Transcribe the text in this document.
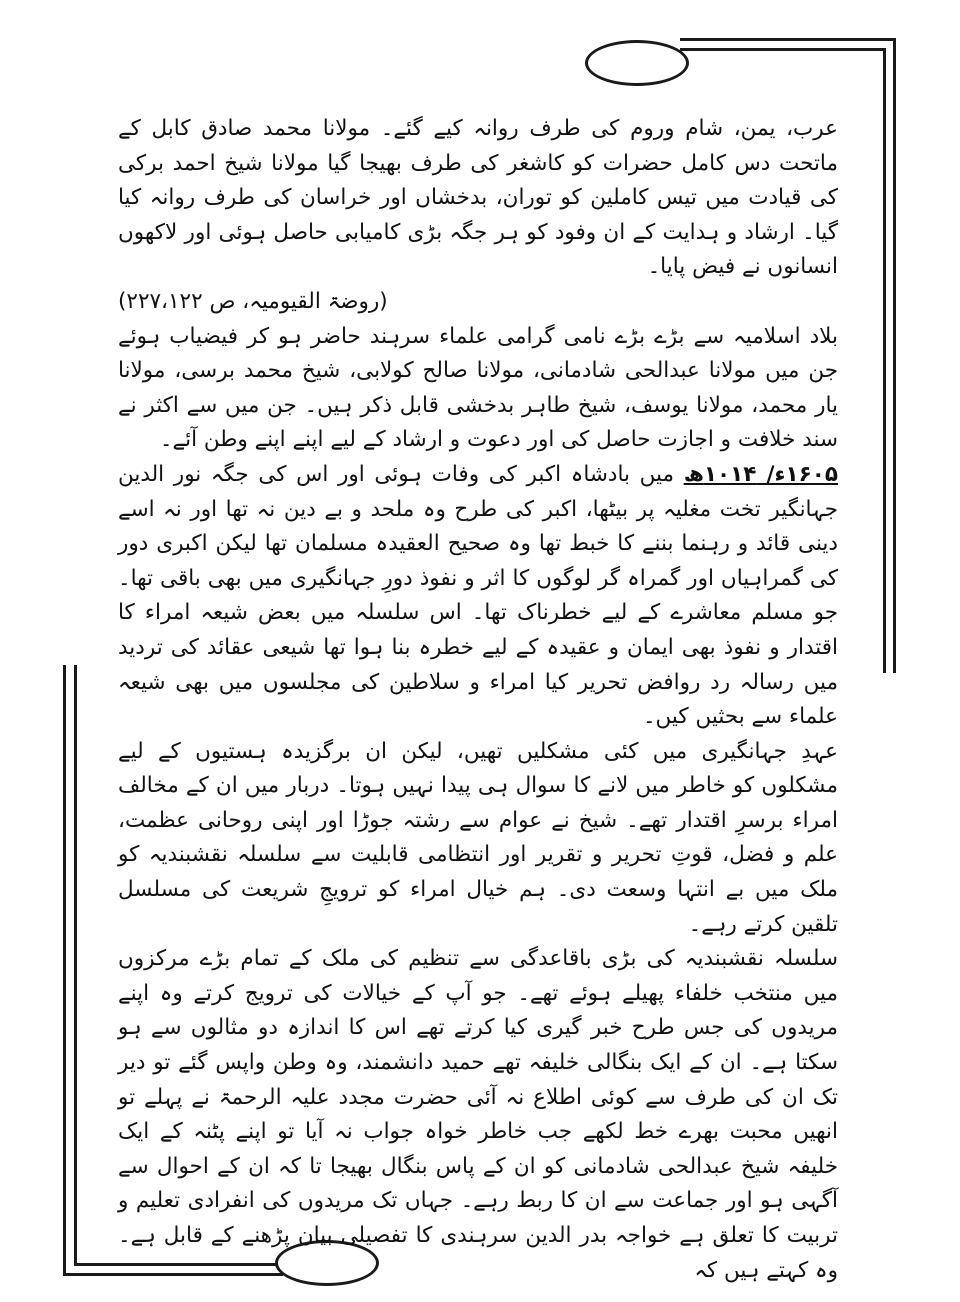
عرب، یمن، شام وروم کی طرف روانہ کیے گئے۔ مولانا محمد صادق کابل کے ماتحت دس کامل حضرات کو کاشغر کی طرف بھیجا گیا مولانا شیخ احمد برکی کی قیادت میں تیس کاملین کو توران، بدخشاں اور خراسان کی طرف روانہ کیا گیا۔ ارشاد و ہدایت کے ان وفود کو ہر جگہ بڑی کامیابی حاصل ہوئی اور لاکھوں انسانوں نے فیض پایا۔

(روضۃ القیومیہ، ص ۲۲۷،۱۲۲)

بلاد اسلامیہ سے بڑے بڑے نامی گرامی علماء سرہند حاضر ہو کر فیضیاب ہوئے جن میں مولانا عبدالحی شادمانی، مولانا صالح کولابی، شیخ محمد برسی، مولانا یار محمد، مولانا یوسف، شیخ طاہر بدخشی قابل ذکر ہیں۔ جن میں سے اکثر نے سند خلافت و اجازت حاصل کی اور دعوت و ارشاد کے لیے اپنے اپنے وطن آئے۔

۱۶۰۵ء/ ۱۰۱۴ھ میں بادشاہ اکبر کی وفات ہوئی اور اس کی جگہ نور الدین جہانگیر تخت مغلیہ پر بیٹھا، اکبر کی طرح وہ ملحد و بے دین نہ تھا اور نہ اسے دینی قائد و رہنما بننے کا خبط تھا وہ صحیح العقیدہ مسلمان تھا لیکن اکبری دور کی گمراہیاں اور گمراہ گر لوگوں کا اثر و نفوذ دورِ جہانگیری میں بھی باقی تھا۔ جو مسلم معاشرے کے لیے خطرناک تھا۔ اس سلسلہ میں بعض شیعہ امراء کا اقتدار و نفوذ بھی ایمان و عقیدہ کے لیے خطرہ بنا ہوا تھا شیعی عقائد کی تردید میں رسالہ رد روافض تحریر کیا امراء و سلاطین کی مجلسوں میں بھی شیعہ علماء سے بحثیں کیں۔

عہدِ جہانگیری میں کئی مشکلیں تھیں، لیکن ان برگزیدہ ہستیوں کے لیے مشکلوں کو خاطر میں لانے کا سوال ہی پیدا نہیں ہوتا۔ دربار میں ان کے مخالف امراء برسرِ اقتدار تھے۔ شیخ نے عوام سے رشتہ جوڑا اور اپنی روحانی عظمت، علم و فضل، قوتِ تحریر و تقریر اور انتظامی قابلیت سے سلسلہ نقشبندیہ کو ملک میں بے انتہا وسعت دی۔ ہم خیال امراء کو ترویجِ شریعت کی مسلسل تلقین کرتے رہے۔

سلسلہ نقشبندیہ کی بڑی باقاعدگی سے تنظیم کی ملک کے تمام بڑے مرکزوں میں منتخب خلفاء پھیلے ہوئے تھے۔ جو آپ کے خیالات کی ترویج کرتے وہ اپنے مریدوں کی جس طرح خبر گیری کیا کرتے تھے اس کا اندازہ دو مثالوں سے ہو سکتا ہے۔ ان کے ایک بنگالی خلیفہ تھے حمید دانشمند، وہ وطن واپس گئے تو دیر تک ان کی طرف سے کوئی اطلاع نہ آئی حضرت مجدد علیہ الرحمۃ نے پہلے تو انھیں محبت بھرے خط لکھے جب خاطر خواہ جواب نہ آیا تو اپنے پٹنہ کے ایک خلیفہ شیخ عبدالحی شادمانی کو ان کے پاس بنگال بھیجا تا کہ ان کے احوال سے آگہی ہو اور جماعت سے ان کا ربط رہے۔ جہاں تک مریدوں کی انفرادی تعلیم و تربیت کا تعلق ہے خواجہ بدر الدین سرہندی کا تفصیلی بیان پڑھنے کے قابل ہے۔ وہ کہتے ہیں کہ
